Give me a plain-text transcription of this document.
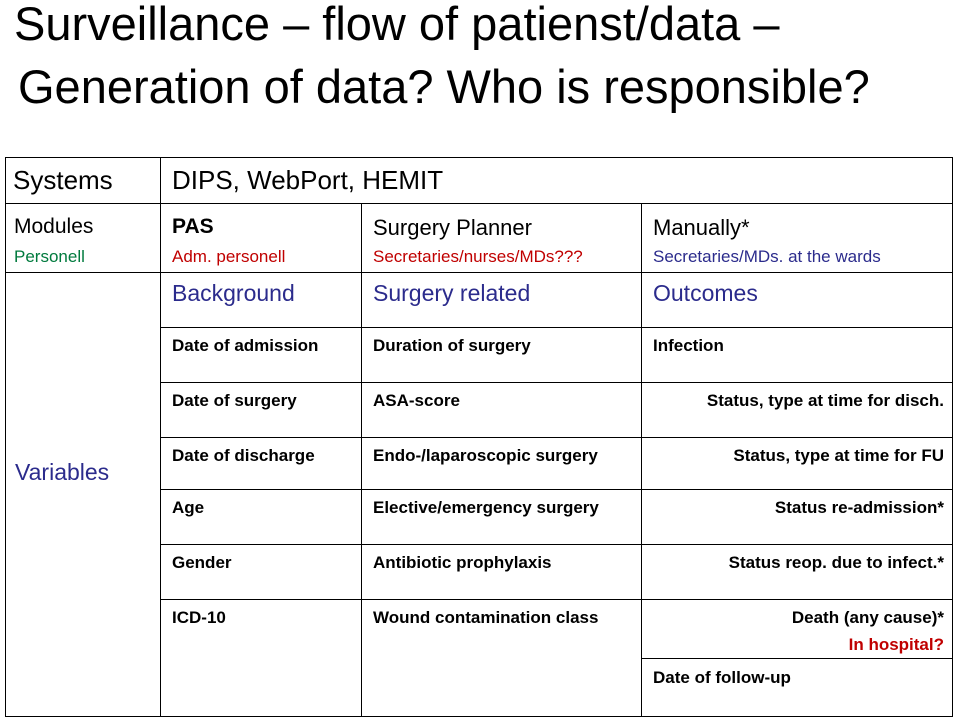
Surveillance – flow of patienst/data –
Generation of data? Who is responsible?
Systems DIPS, WebPort, HEMIT
Modules
Personell
PAS
Adm. personell
Surgery Planner
Secretaries/nurses/MDs???
Manually*
Secretaries/MDs. at the wards
Background	Surgery related	Outcomes
Variables
Date of admission
Date of surgery
Date of discharge
Age
Gender
ICD-10
Duration of surgery
ASA-score
Endo-/laparoscopic surgery
Elective/emergency surgery
Antibiotic prophylaxis
Wound contamination class
Infection
Status, type at time for disch.
Status, type at time for FU
Status re-admission*
Status reop. due to infect.*
Death (any cause)*
In hospital?
Date of follow-up
